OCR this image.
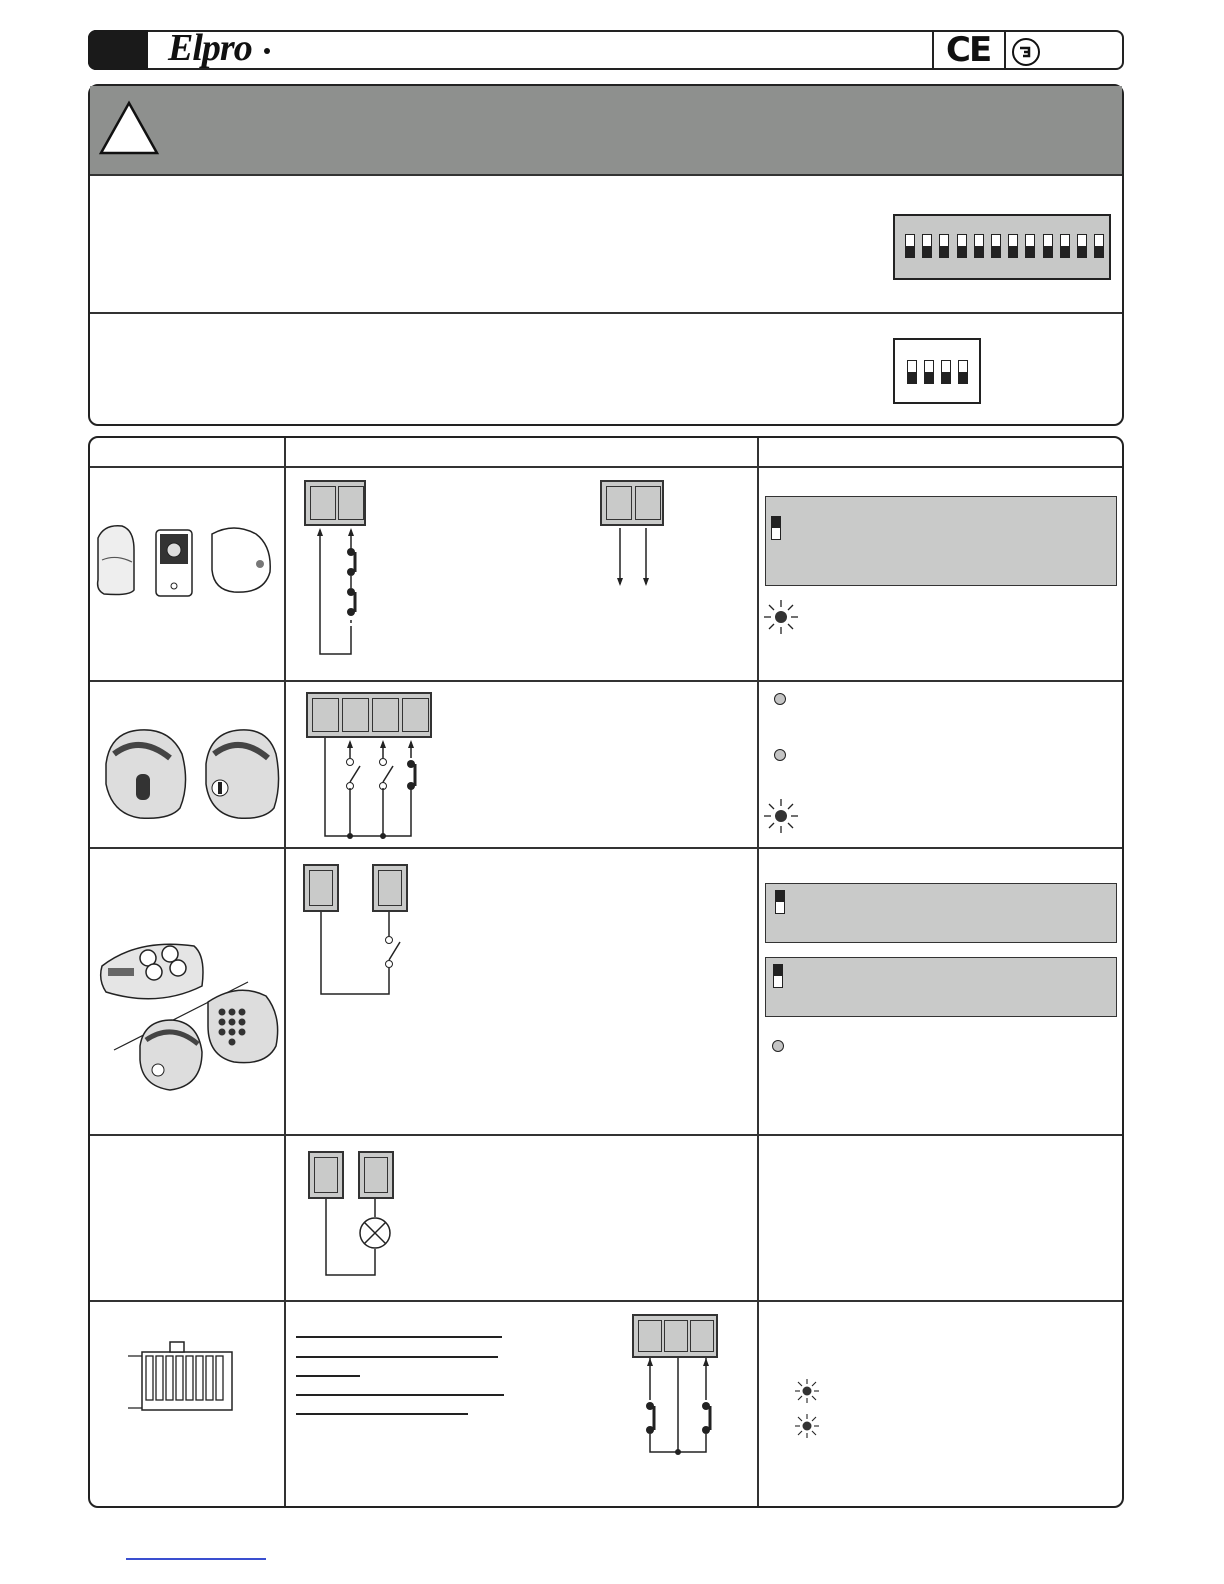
Elpro	CE
